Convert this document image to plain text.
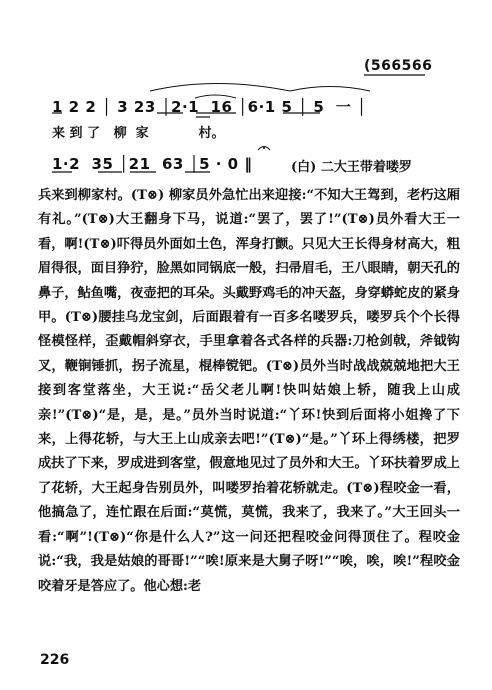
(566566
1 2 2 │ 3 23 │2·1  16 │6·1 5 │ 5  一 │
来 到 了   柳  家           村。
1·2  35 │21  63 │5 · 0 ‖	(白) 二大王带着喽罗

兵来到柳家村。(T⊗) 柳家员外急忙出来迎接:“不知大王驾到，老朽这厢有礼。”(T⊗)大王翻身下马，说道:“罢了，罢了!”(T⊗)员外看大王一看，啊!(T⊗)吓得员外面如土色，浑身打颤。只见大王长得身材高大，粗眉得很，面目狰狞，脸黑如同锅底一般，扫帚眉毛，王八眼睛，朝天孔的鼻子，鲇鱼嘴，夜壶把的耳朵。头戴野鸡毛的冲天盔，身穿蟒蛇皮的紧身甲。(T⊗)腰挂乌龙宝剑，后面跟着有一百多名喽罗兵，喽罗兵个个长得怪模怪样，歪戴帽斜穿衣，手里拿着各式各样的兵器:刀枪剑戟，斧钺钩叉，鞭锏锤抓，拐子流星，棍棒镋钯。(T⊗)员外当时战战兢兢地把大王接到客堂落坐，大王说:“岳父老儿啊!快叫姑娘上轿，随我上山成亲!”(T⊗)“是，是，是。”员外当时说道:“丫环!快到后面将小姐搀了下来，上得花轿，与大王上山成亲去吧!”(T⊗)“是。”丫环上得绣楼，把罗成扶了下来，罗成进到客堂，假意地见过了员外和大王。丫环扶着罗成上了花轿，大王起身告别员外，叫喽罗抬着花轿就走。(T⊗)程咬金一看，他搞急了，连忙跟在后面:“莫慌，莫慌，我来了，我来了。”大王回头一看:“啊”!(T⊗)“你是什么人?”这一问还把程咬金问得顶住了。程咬金说:“我，我是姑娘的哥哥!”“唉!原来是大舅子呀!”“唉，唉，唉!”程咬金咬着牙是答应了。他心想:老

226
